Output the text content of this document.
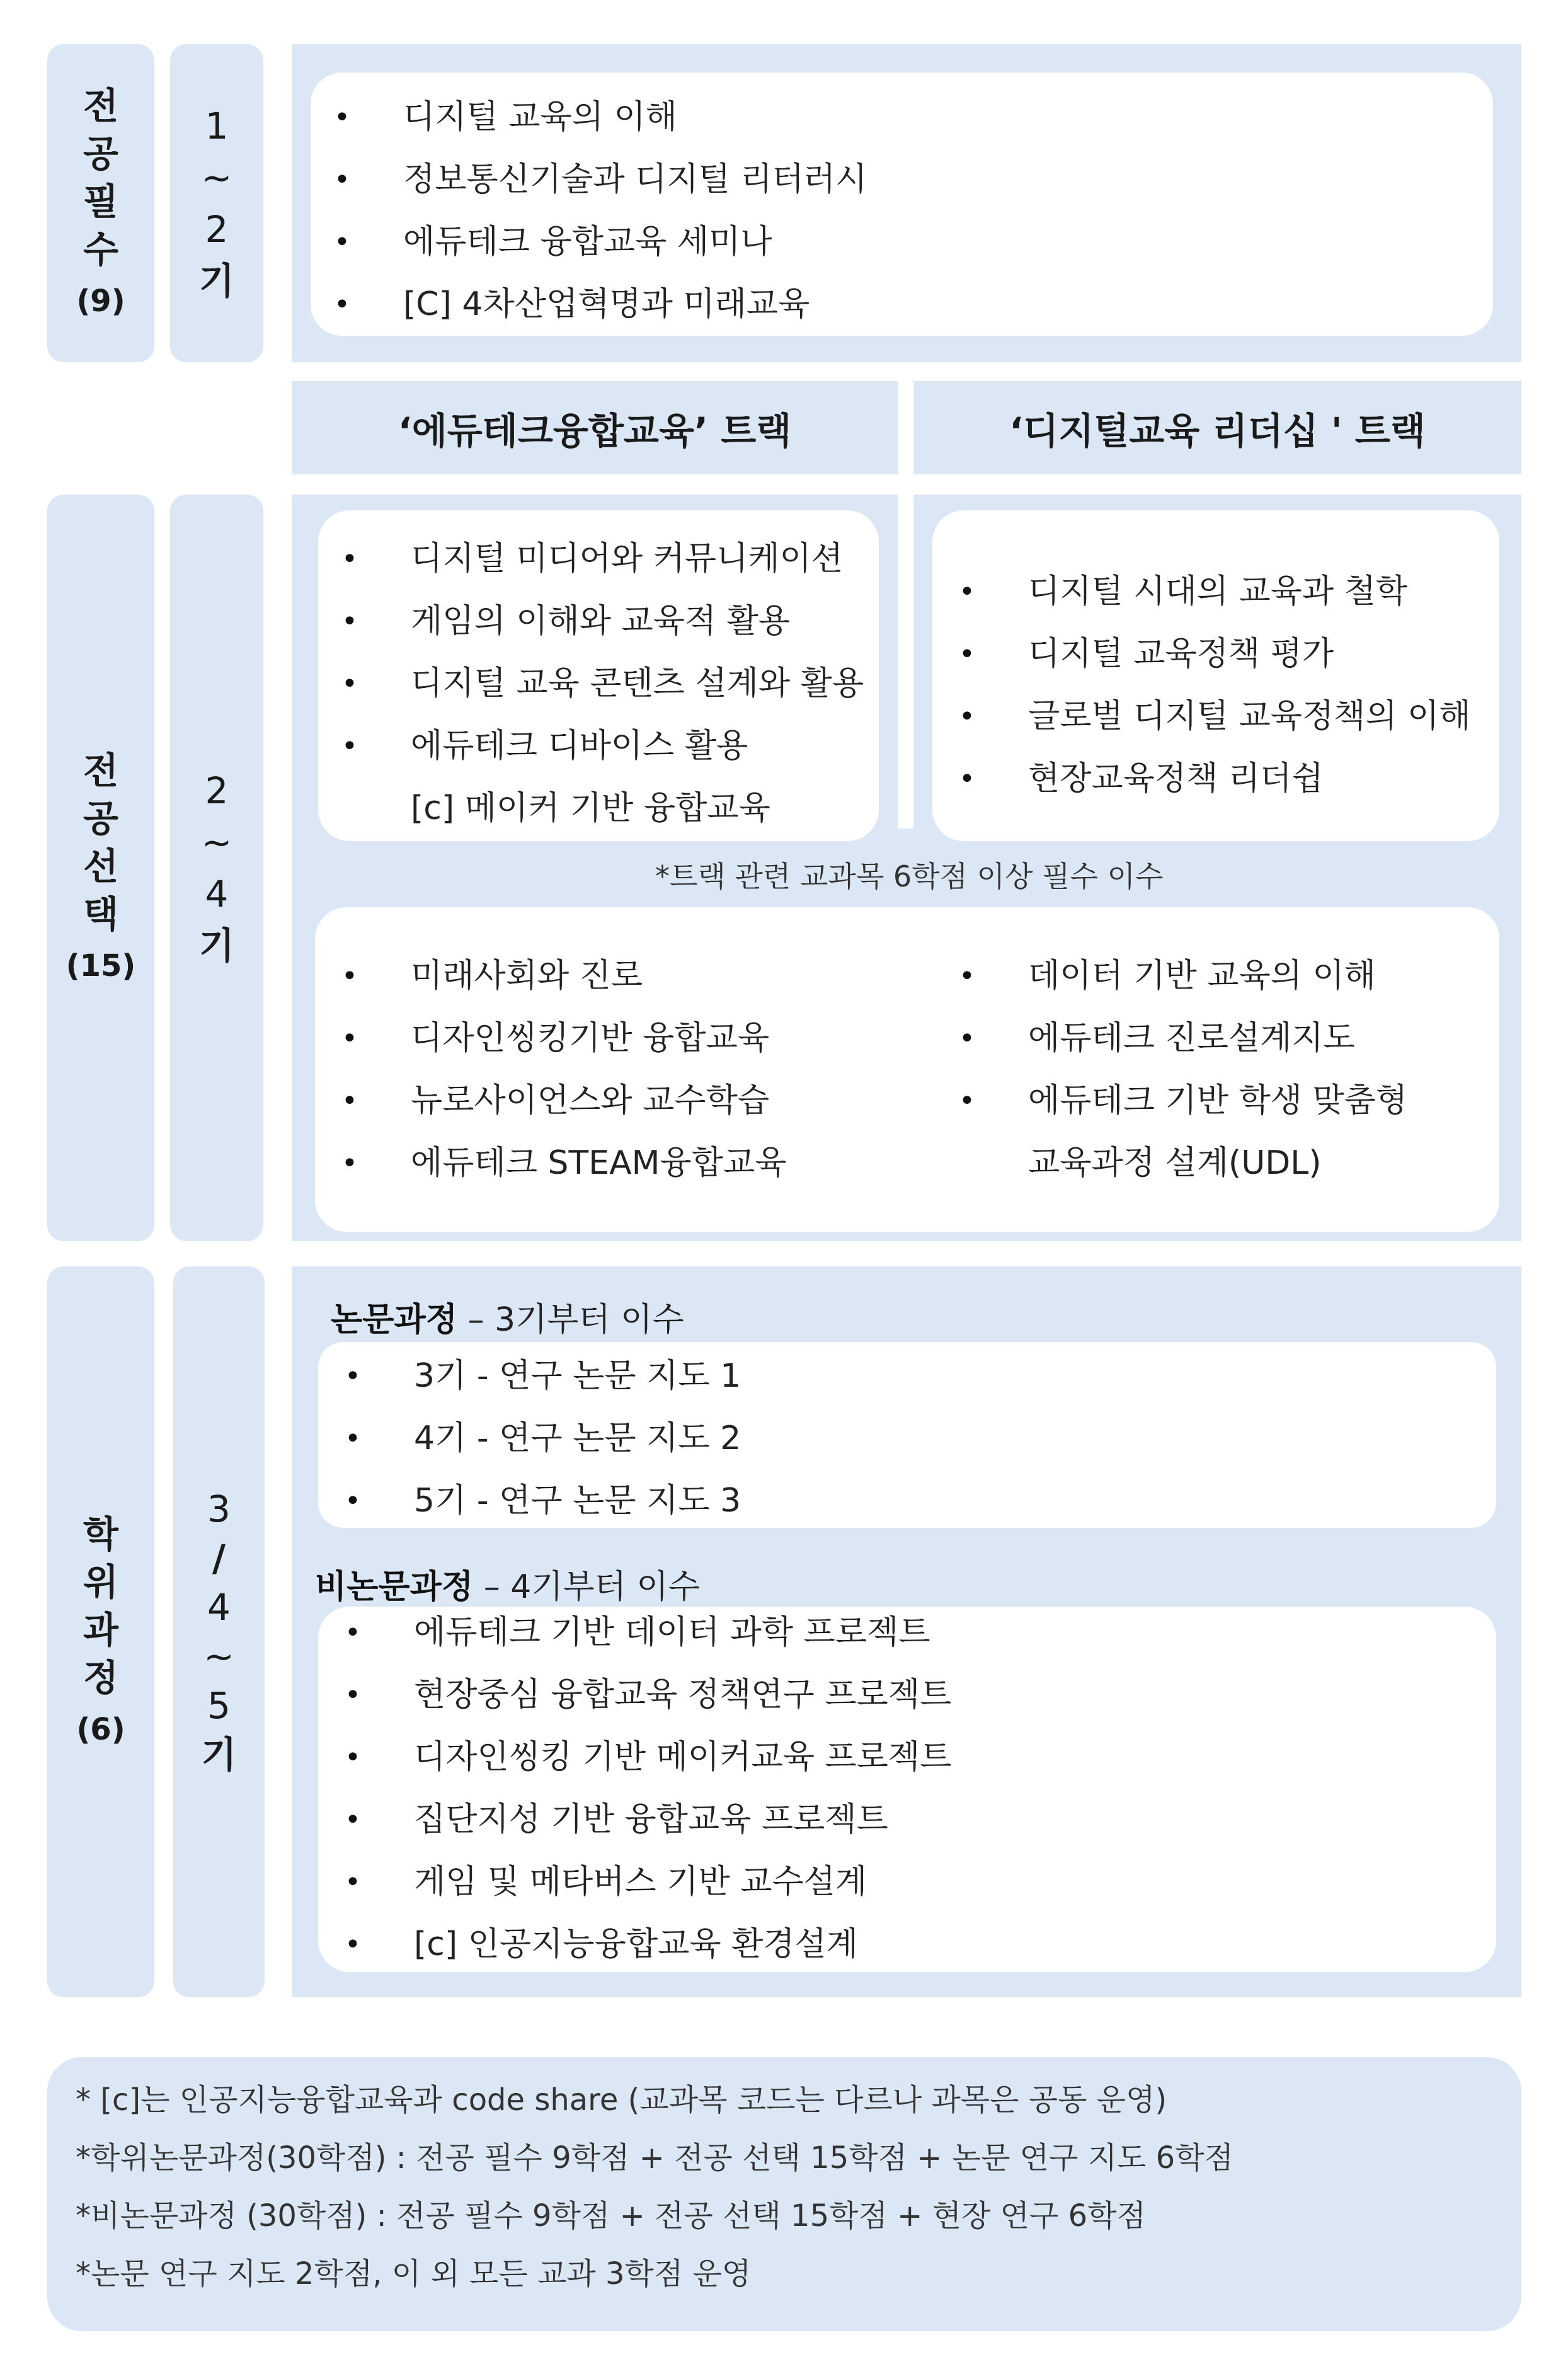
전
공
필
수
(9)
1
~
2
기
• 디지털 교육의 이해
• 정보통신기술과 디지털 리터러시
• 에듀테크 융합교육 세미나
• [C] 4차산업혁명과 미래교육
‘에듀테크융합교육’ 트랙	‘디지털교육 리더십 ' 트랙
전
공
선
택
(15)
2
~
4
기
• 디지털 미디어와 커뮤니케이션
• 게임의 이해와 교육적 활용
• 디지털 교육 콘텐츠 설계와 활용
• 에듀테크 디바이스 활용
[c] 메이커 기반 융합교육
• 디지털 시대의 교육과 철학
• 디지털 교육정책 평가
• 글로벌 디지털 교육정책의 이해
• 현장교육정책 리더쉽
*트랙 관련 교과목 6학점 이상 필수 이수
• 미래사회와 진로
• 디자인씽킹기반 융합교육
• 뉴로사이언스와 교수학습
• 에듀테크 STEAM융합교육
• 데이터 기반 교육의 이해
• 에듀테크 진로설계지도
• 에듀테크 기반 학생 맞춤형
교육과정 설계(UDL)
학
위
과
정
(6)
3
/
4
~
5
기
논문과정 – 3기부터 이수
• 3기 - 연구 논문 지도 1
• 4기 - 연구 논문 지도 2
• 5기 - 연구 논문 지도 3
비논문과정 – 4기부터 이수
• 에듀테크 기반 데이터 과학 프로젝트
• 현장중심 융합교육 정책연구 프로젝트
• 디자인씽킹 기반 메이커교육 프로젝트
• 집단지성 기반 융합교육 프로젝트
• 게임 및 메타버스 기반 교수설계
• [c] 인공지능융합교육 환경설계
* [c]는 인공지능융합교육과 code share (교과목 코드는 다르나 과목은 공동 운영)
*학위논문과정(30학점) : 전공 필수 9학점 + 전공 선택 15학점 + 논문 연구 지도 6학점
*비논문과정 (30학점) : 전공 필수 9학점 + 전공 선택 15학점 + 현장 연구 6학점
*논문 연구 지도 2학점, 이 외 모든 교과 3학점 운영
